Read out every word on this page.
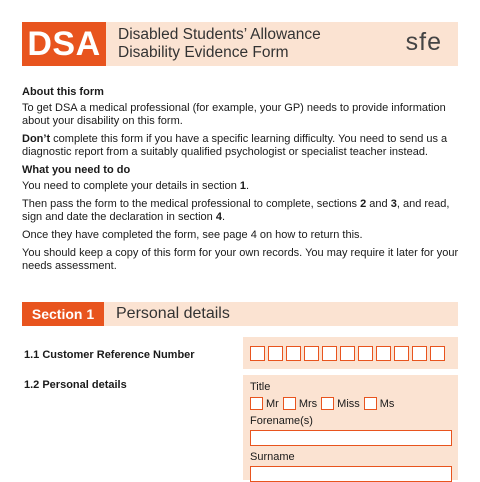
DSA	Disabled Students’ Allowance
Disability Evidence Form	sfe
About this form

To get DSA a medical professional (for example, your GP) needs to provide information about your disability on this form.

Don’t complete this form if you have a specific learning difficulty. You need to send us a diagnostic report from a suitably qualified psychologist or specialist teacher instead.

What you need to do

You need to complete your details in section 1.

Then pass the form to the medical professional to complete, sections 2 and 3, and read, sign and date the declaration in section 4.

Once they have completed the form, see page 4 on how to return this.

You should keep a copy of this form for your own records. You may require it later for your needs assessment.

Section 1	Personal details
1.1 Customer Reference Number
1.2 Personal details	Title
Mr Mrs Miss Ms
Forename(s)
Surname
